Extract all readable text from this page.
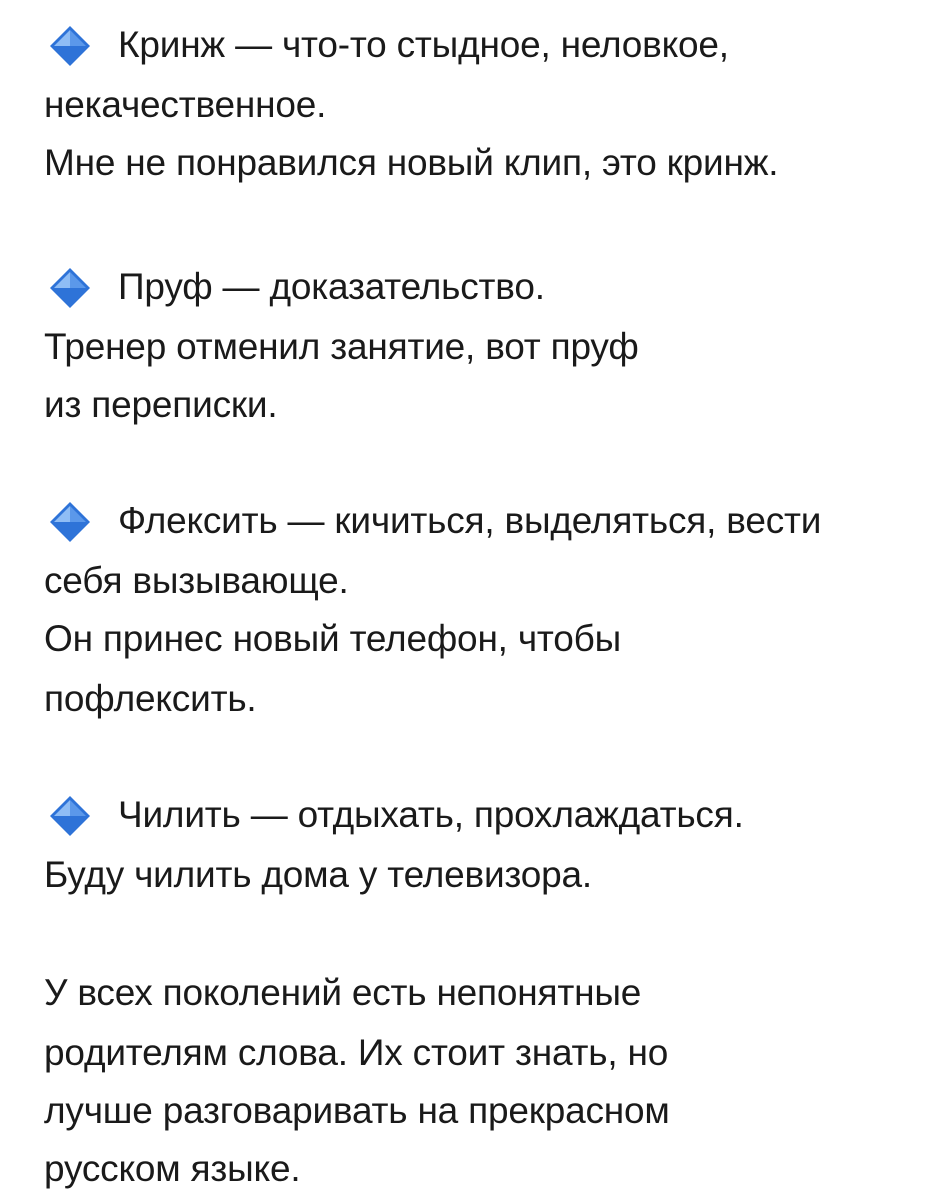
Кринж — что-то стыдное, неловкое,
некачественное.
Мне не понравился новый клип, это кринж.
Пруф — доказательство.
Тренер отменил занятие, вот пруф
из переписки.
Флексить — кичиться, выделяться, вести
себя вызывающе.
Он принес новый телефон, чтобы
пофлексить.
Чилить — отдыхать, прохлаждаться.
Буду чилить дома у телевизора.
У всех поколений есть непонятные
родителям слова. Их стоит знать, но
лучше разговаривать на прекрасном
русском языке.
